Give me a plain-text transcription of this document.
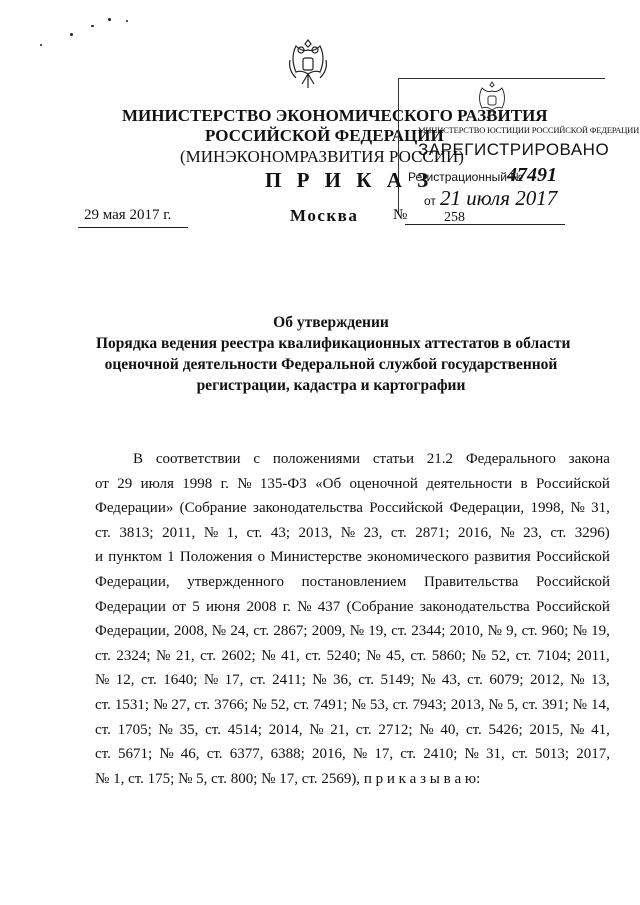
МИНИСТЕРСТВО ЭКОНОМИЧЕСКОГО РАЗВИТИЯ
РОССИЙСКОЙ ФЕДЕРАЦИИ
(МИНЭКОНОМРАЗВИТИЯ РОССИИ)
МИНИСТЕРСТВО ЮСТИЦИИ РОССИЙСКОЙ ФЕДЕРАЦИИ
ЗАРЕГИСТРИРОВАНО
Регистрационный №
47491
от 21 июля 2017
П Р И К А З
29 мая 2017 г.	Москва №	258
Об утверждении
Порядка ведения реестра квалификационных аттестатов в области
оценочной деятельности Федеральной службой государственной
регистрации, кадастра и картографии
В соответствии с положениями статьи 21.2 Федерального закона
от 29 июля 1998 г. № 135-ФЗ «Об оценочной деятельности в Российской
Федерации» (Собрание законодательства Российской Федерации, 1998, № 31,
ст. 3813; 2011, № 1, ст. 43; 2013, № 23, ст. 2871; 2016, № 23, ст. 3296)
и пунктом 1 Положения о Министерстве экономического развития Российской
Федерации, утвержденного постановлением Правительства Российской
Федерации от 5 июня 2008 г. № 437 (Собрание законодательства Российской
Федерации, 2008, № 24, ст. 2867; 2009, № 19, ст. 2344; 2010, № 9, ст. 960; № 19,
ст. 2324; № 21, ст. 2602; № 41, ст. 5240; № 45, ст. 5860; № 52, ст. 7104; 2011,
№ 12, ст. 1640; № 17, ст. 2411; № 36, ст. 5149; № 43, ст. 6079; 2012, № 13,
ст. 1531; № 27, ст. 3766; № 52, ст. 7491; № 53, ст. 7943; 2013, № 5, ст. 391; № 14,
ст. 1705; № 35, ст. 4514; 2014, № 21, ст. 2712; № 40, ст. 5426; 2015, № 41,
ст. 5671; № 46, ст. 6377, 6388; 2016, № 17, ст. 2410; № 31, ст. 5013; 2017,
№ 1, ст. 175; № 5, ст. 800; № 17, ст. 2569), п р и к а з ы в а ю:
